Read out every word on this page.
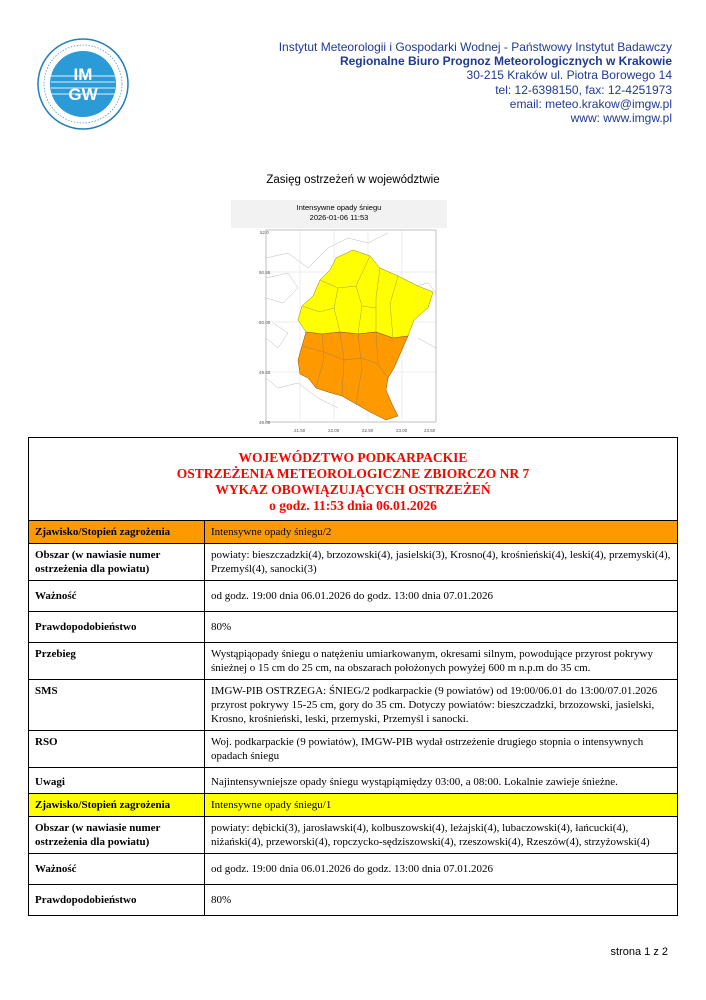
IM
GW
Instytut Meteorologii i Gospodarki Wodnej - Państwowy Instytut Badawczy
Regionalne Biuro Prognoz Meteorologicznych w Krakowie
30-215 Kraków ul. Piotra Borowego 14
tel: 12-6398150, fax: 12-4251973
email: meteo.krakow@imgw.pl
www: www.imgw.pl
Zasięg ostrzeżeń w województwie
Intensywne opady śniegu
2026-01-06 11:53
52.0
50.55
50.00
49.50
49.00
21.50	22.00	22.50	23.00	23.50
WOJEWÓDZTWO PODKARPACKIE
OSTRZEŻENIA METEOROLOGICZNE ZBIORCZO NR 7
WYKAZ OBOWIĄZUJĄCYCH OSTRZEŻEŃ
o godz. 11:53 dnia 06.01.2026	

Zjawisko/Stopień zagrożenia	Intensywne opady śniegu/2
Obszar (w nawiasie numer ostrzeżenia dla powiatu)	powiaty: bieszczadzki(4), brzozowski(4), jasielski(3), Krosno(4), krośnieński(4), leski(4), przemyski(4), Przemyśl(4), sanocki(3)
Ważność	od godz. 19:00 dnia 06.01.2026 do godz. 13:00 dnia 07.01.2026
Prawdopodobieństwo	80%
Przebieg	Wystąpiąopady śniegu o natężeniu umiarkowanym, okresami silnym, powodujące przyrost pokrywy śnieżnej o 15 cm do 25 cm, na obszarach położonych powyżej 600 m n.p.m do 35 cm.
SMS	IMGW-PIB OSTRZEGA: ŚNIEG/2 podkarpackie (9 powiatów) od 19:00/06.01 do 13:00/07.01.2026 przyrost pokrywy 15-25 cm, gory do 35 cm. Dotyczy powiatów: bieszczadzki, brzozowski, jasielski, Krosno, krośnieński, leski, przemyski, Przemyśl i sanocki.
RSO	Woj. podkarpackie (9 powiatów), IMGW-PIB wydał ostrzeżenie drugiego stopnia o intensywnych opadach śniegu
Uwagi	Najintensywniejsze opady śniegu wystąpiąmiędzy 03:00, a 08:00. Lokalnie zawieje śnieżne.
Zjawisko/Stopień zagrożenia	Intensywne opady śniegu/1
Obszar (w nawiasie numer ostrzeżenia dla powiatu)	powiaty: dębicki(3), jarosławski(4), kolbuszowski(4), leżajski(4), lubaczowski(4), łańcucki(4), niżański(4), przeworski(4), ropczycko-sędziszowski(4), rzeszowski(4), Rzeszów(4), strzyżowski(4)
Ważność	od godz. 19:00 dnia 06.01.2026 do godz. 13:00 dnia 07.01.2026
Prawdopodobieństwo	80%
strona 1 z 2
